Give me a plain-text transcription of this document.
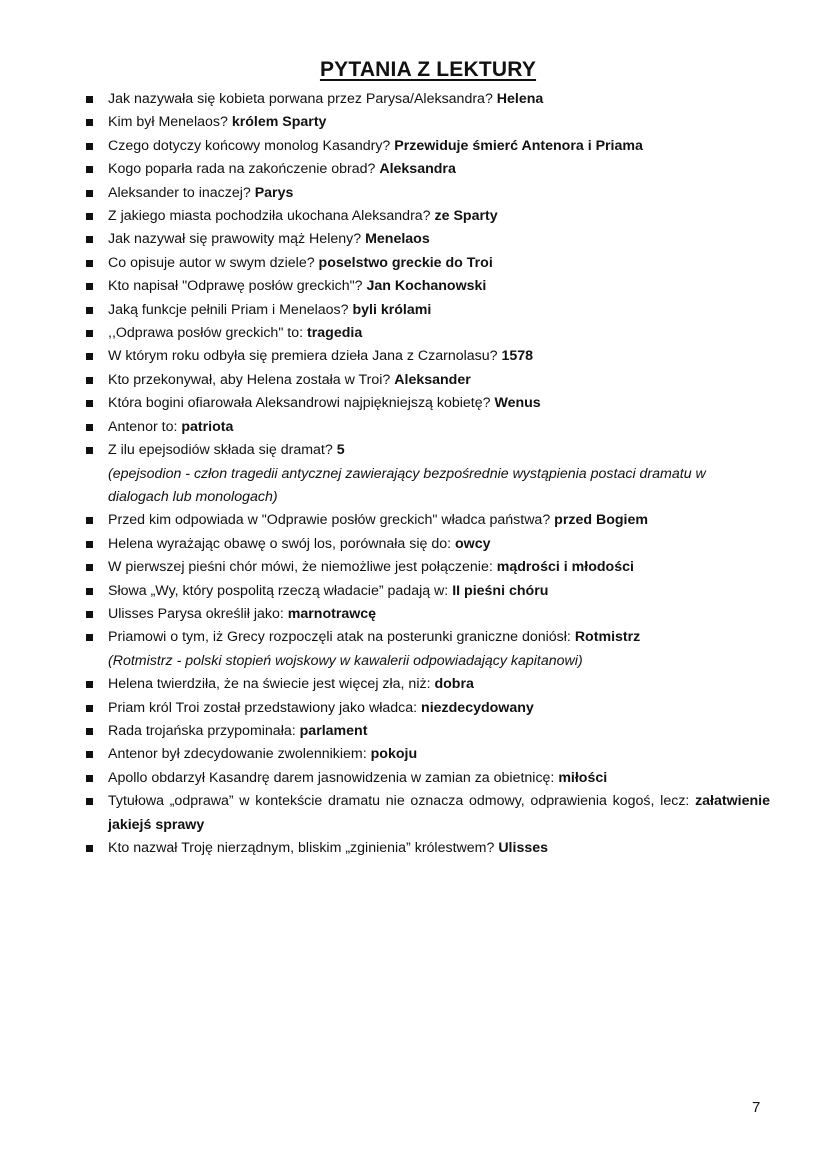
PYTANIA Z LEKTURY
Jak nazywała się kobieta porwana przez Parysa/Aleksandra? Helena
Kim był Menelaos? królem Sparty
Czego dotyczy końcowy monolog Kasandry? Przewiduje śmierć Antenora i Priama
Kogo poparła rada na zakończenie obrad? Aleksandra
Aleksander to inaczej? Parys
Z jakiego miasta pochodziła ukochana Aleksandra? ze Sparty
Jak nazywał się prawowity mąż Heleny? Menelaos
Co opisuje autor w swym dziele? poselstwo greckie do Troi
Kto napisał "Odprawę posłów greckich"? Jan Kochanowski
Jaką funkcje pełnili Priam i Menelaos? byli królami
,,Odprawa posłów greckich" to: tragedia
W którym roku odbyła się premiera dzieła Jana z Czarnolasu? 1578
Kto przekonywał, aby Helena została w Troi? Aleksander
Która bogini ofiarowała Aleksandrowi najpiękniejszą kobietę? Wenus
Antenor to: patriota
Z ilu epejsodiów składa się dramat? 5
(epejsodion - człon tragedii antycznej zawierający bezpośrednie wystąpienia postaci dramatu w dialogach lub monologach)
Przed kim odpowiada w "Odprawie posłów greckich" władca państwa? przed Bogiem
Helena wyrażając obawę o swój los, porównała się do: owcy
W pierwszej pieśni chór mówi, że niemożliwe jest połączenie: mądrości i młodości
Słowa „Wy, który pospolitą rzeczą władacie” padają w: II pieśni chóru
Ulisses Parysa określił jako: marnotrawcę
Priamowi o tym, iż Grecy rozpoczęli atak na posterunki graniczne doniósł: Rotmistrz
(Rotmistrz - polski stopień wojskowy w kawalerii odpowiadający kapitanowi)
Helena twierdziła, że na świecie jest więcej zła, niż: dobra
Priam król Troi został przedstawiony jako władca: niezdecydowany
Rada trojańska przypominała: parlament
Antenor był zdecydowanie zwolennikiem: pokoju
Apollo obdarzył Kasandrę darem jasnowidzenia w zamian za obietnicę: miłości
Tytułowa „odprawa” w kontekście dramatu nie oznacza odmowy, odprawienia kogoś, lecz: załatwienie jakiejś sprawy
Kto nazwał Troję nierządnym, bliskim „zginienia” królestwem? Ulisses
7
